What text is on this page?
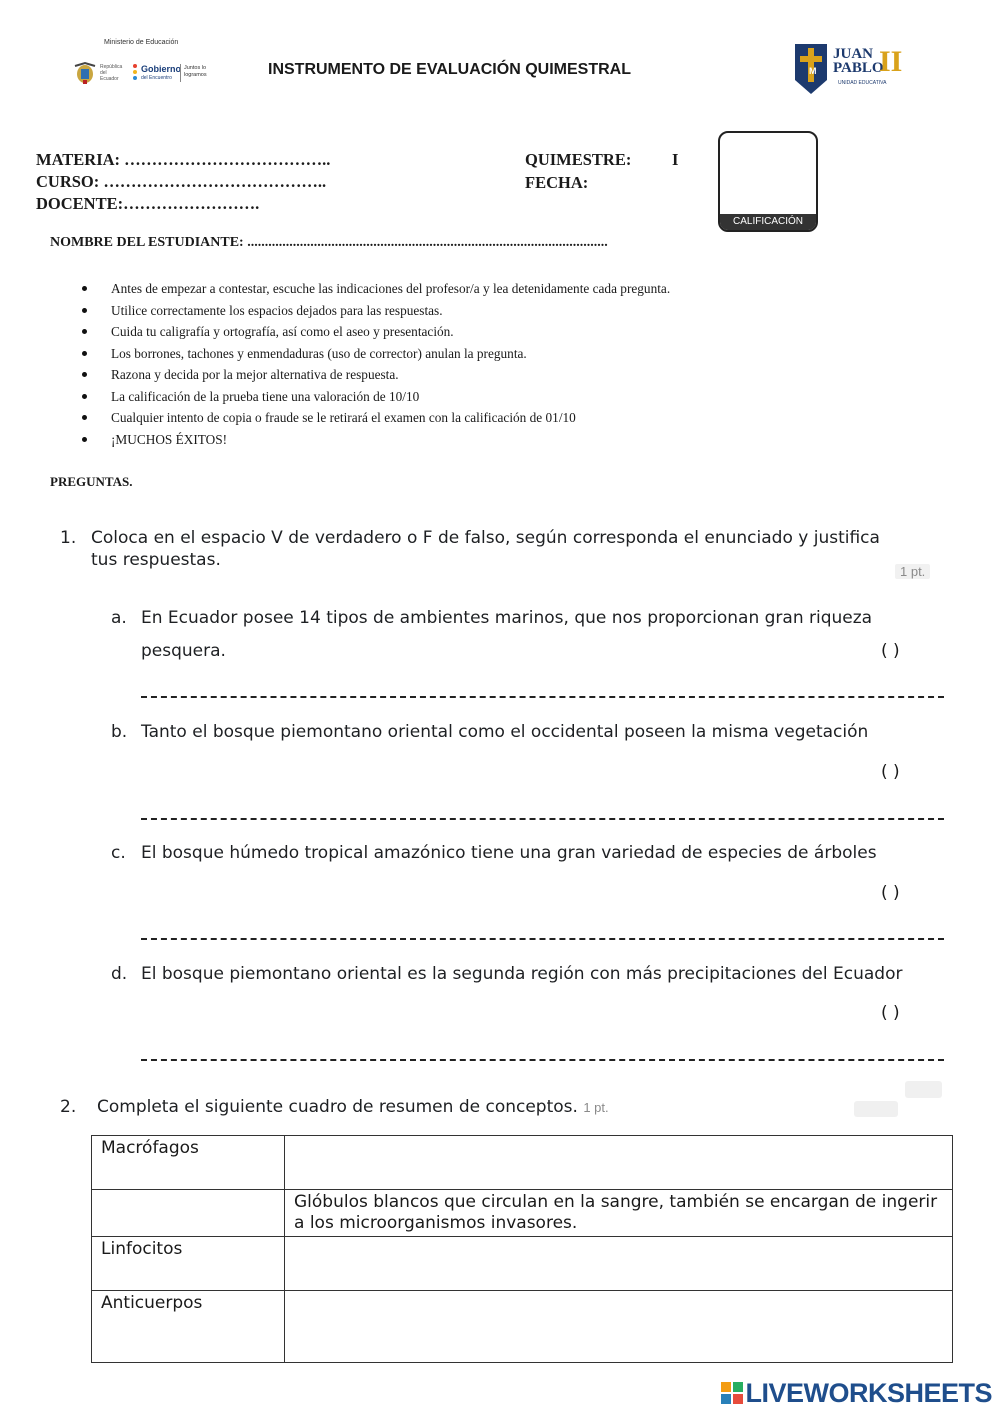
Ministerio de Educación
República del Ecuador
Gobierno
del Encuentro
Juntos lo logramos	INSTRUMENTO DE EVALUACIÓN QUIMESTRAL	M
JUAN
PABLO
II
UNIDAD EDUCATIVA
MATERIA: ………………………………..
CURSO: …………………………………..
DOCENTE:…………………….
QUIMESTRE: I
FECHA:
CALIFICACIÓN
NOMBRE DEL ESTUDIANTE: .......................................................................................................
Antes de empezar a contestar, escuche las indicaciones del profesor/a y lea detenidamente cada pregunta.
Utilice correctamente los espacios dejados para las respuestas.
Cuida tu caligrafía y ortografía, así como el aseo y presentación.
Los borrones, tachones y enmendaduras (uso de corrector) anulan la pregunta.
Razona y decida por la mejor alternativa de respuesta.
La calificación de la prueba tiene una valoración de 10/10
Cualquier intento de copia o fraude se le retirará el examen con la calificación de 01/10
¡MUCHOS ÉXITOS!
PREGUNTAS.
1. Coloca en el espacio V de verdadero o F de falso, según corresponda el enunciado y justifica
tus respuestas.
1 pt.
a. En Ecuador posee 14 tipos de ambientes marinos, que nos proporcionan gran riqueza
pesquera.	( )
b. Tanto el bosque piemontano oriental como el occidental poseen la misma vegetación
( )
c. El bosque húmedo tropical amazónico tiene una gran variedad de especies de árboles
( )
d. El bosque piemontano oriental es la segunda región con más precipitaciones del Ecuador
( )
2. Completa el siguiente cuadro de resumen de conceptos. 1 pt.
Macrófagos	
	Glóbulos blancos que circulan en la sangre, también se encargan de ingerir a los microorganismos invasores.
Linfocitos	
Anticuerpos	
LIVEWORKSHEETS
